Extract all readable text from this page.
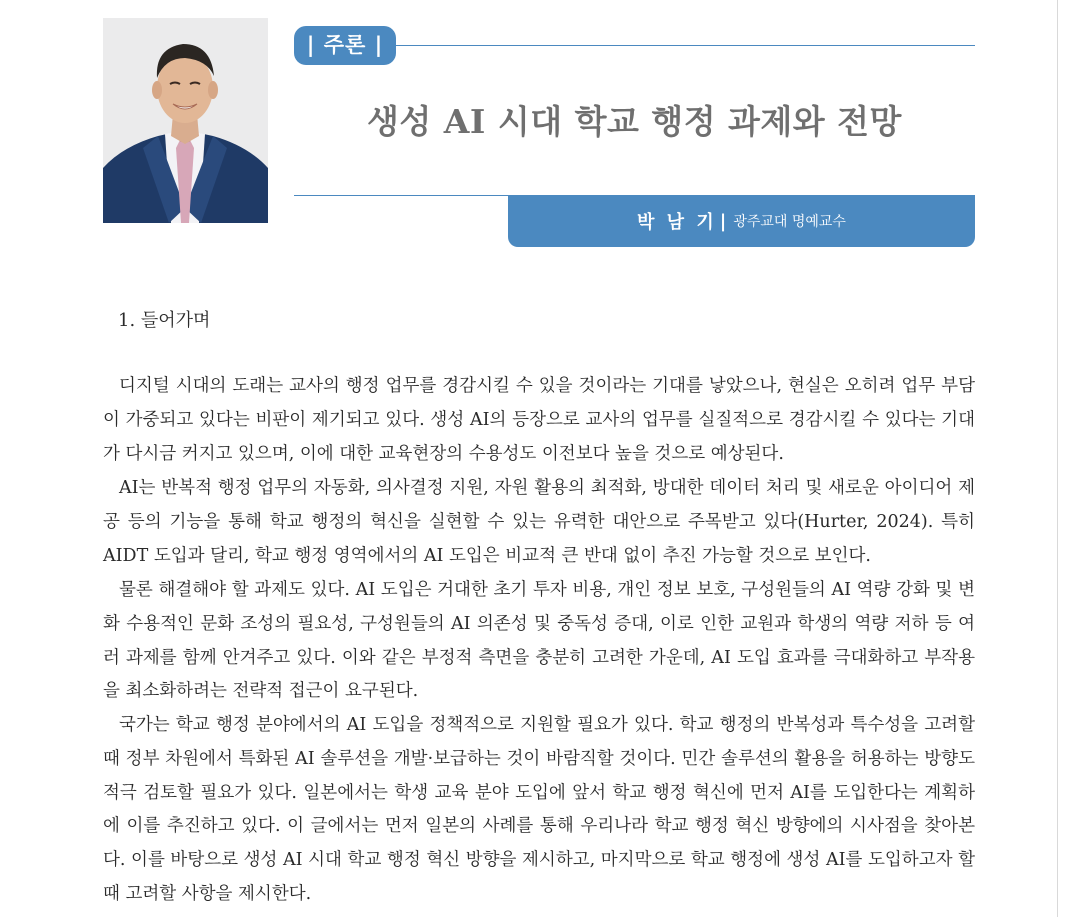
| 주론 |
생성 AI 시대 학교 행정 과제와 전망
박 남 기 | 광주교대 명예교수
1. 들어가며
디지털 시대의 도래는 교사의 행정 업무를 경감시킬 수 있을 것이라는 기대를 낳았으나, 현실은 오히려 업무 부담이 가중되고 있다는 비판이 제기되고 있다. 생성 AI의 등장으로 교사의 업무를 실질적으로 경감시킬 수 있다는 기대가 다시금 커지고 있으며, 이에 대한 교육현장의 수용성도 이전보다 높을 것으로 예상된다.
AI는 반복적 행정 업무의 자동화, 의사결정 지원, 자원 활용의 최적화, 방대한 데이터 처리 및 새로운 아이디어 제공 등의 기능을 통해 학교 행정의 혁신을 실현할 수 있는 유력한 대안으로 주목받고 있다(Hurter, 2024). 특히 AIDT 도입과 달리, 학교 행정 영역에서의 AI 도입은 비교적 큰 반대 없이 추진 가능할 것으로 보인다.
물론 해결해야 할 과제도 있다. AI 도입은 거대한 초기 투자 비용, 개인 정보 보호, 구성원들의 AI 역량 강화 및 변화 수용적인 문화 조성의 필요성, 구성원들의 AI 의존성 및 중독성 증대, 이로 인한 교원과 학생의 역량 저하 등 여러 과제를 함께 안겨주고 있다. 이와 같은 부정적 측면을 충분히 고려한 가운데, AI 도입 효과를 극대화하고 부작용을 최소화하려는 전략적 접근이 요구된다.
국가는 학교 행정 분야에서의 AI 도입을 정책적으로 지원할 필요가 있다. 학교 행정의 반복성과 특수성을 고려할 때 정부 차원에서 특화된 AI 솔루션을 개발·보급하는 것이 바람직할 것이다. 민간 솔루션의 활용을 허용하는 방향도 적극 검토할 필요가 있다. 일본에서는 학생 교육 분야 도입에 앞서 학교 행정 혁신에 먼저 AI를 도입한다는 계획하에 이를 추진하고 있다. 이 글에서는 먼저 일본의 사례를 통해 우리나라 학교 행정 혁신 방향에의 시사점을 찾아본다. 이를 바탕으로 생성 AI 시대 학교 행정 혁신 방향을 제시하고, 마지막으로 학교 행정에 생성 AI를 도입하고자 할 때 고려할 사항을 제시한다.
